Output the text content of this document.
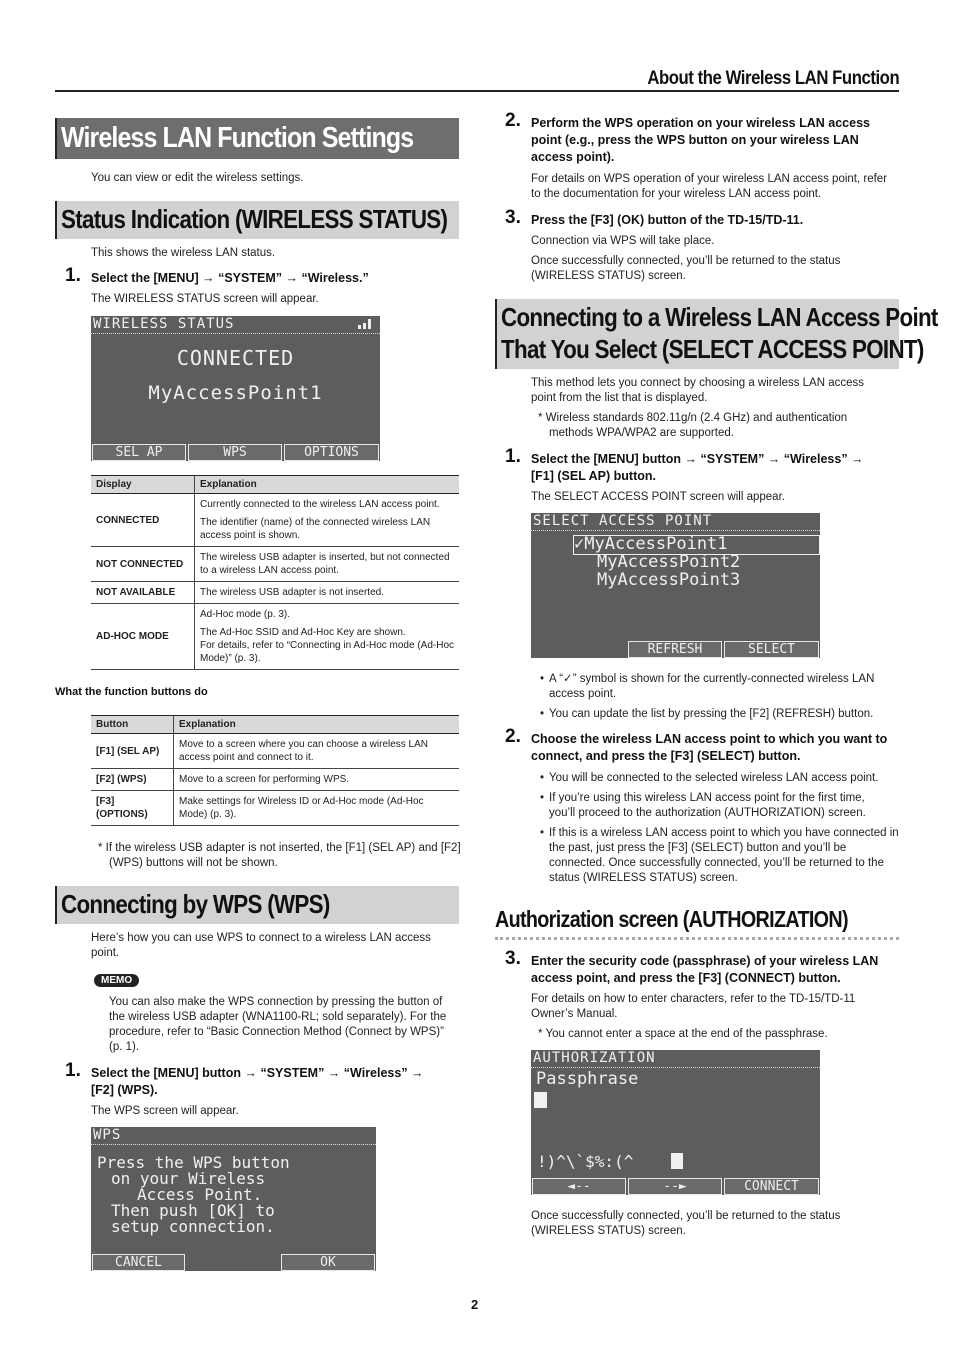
About the Wireless LAN Function
Wireless LAN Function Settings
You can view or edit the wireless settings.
Status Indication (WIRELESS STATUS)
This shows the wireless LAN status.
1. Select the [MENU] → “SYSTEM” → “Wireless.”
The WIRELESS STATUS screen will appear.
WIRELESS STATUS
CONNECTED
MyAccessPoint1
SEL AP	WPS	OPTIONS
Display	Explanation
CONNECTED	Currently connected to the wireless LAN access point.
The identifier (name) of the connected wireless LAN access point is shown.

NOT CONNECTED	The wireless USB adapter is inserted, but not connected to a wireless LAN access point.
NOT AVAILABLE	The wireless USB adapter is not inserted.
AD-HOC MODE	Ad-Hoc mode (p. 3).
The Ad-Hoc SSID and Ad-Hoc Key are shown.
For details, refer to “Connecting in Ad-Hoc mode (Ad-Hoc Mode)” (p. 3).
What the function buttons do
Button	Explanation
[F1] (SEL AP)	Move to a screen where you can choose a wireless LAN access point and connect to it.
[F2] (WPS)	Move to a screen for performing WPS.
[F3] (OPTIONS)	Make settings for Wireless ID or Ad-Hoc mode (Ad-Hoc Mode) (p. 3).
* If the wireless USB adapter is not inserted, the [F1] (SEL AP) and [F2] (WPS) buttons will not be shown.
Connecting by WPS (WPS)
Here’s how you can use WPS to connect to a wireless LAN access point.
MEMO
You can also make the WPS connection by pressing the button of the wireless USB adapter (WNA1100-RL; sold separately). For the procedure, refer to “Basic Connection Method (Connect by WPS)” (p. 1).
1. Select the [MENU] button → “SYSTEM” → “Wireless” → [F2] (WPS).
The WPS screen will appear.
WPS
Press the WPS button
on your Wireless
Access Point.
Then push [OK] to
setup connection.
CANCEL	OK
2. Perform the WPS operation on your wireless LAN access point (e.g., press the WPS button on your wireless LAN access point).
For details on WPS operation of your wireless LAN access point, refer to the documentation for your wireless LAN access point.
3. Press the [F3] (OK) button of the TD-15/TD-11.
Connection via WPS will take place.
Once successfully connected, you’ll be returned to the status (WIRELESS STATUS) screen.
Connecting to a Wireless LAN Access Point
That You Select (SELECT ACCESS POINT)
This method lets you connect by choosing a wireless LAN access point from the list that is displayed.
* Wireless standards 802.11g/n (2.4 GHz) and authentication methods WPA/WPA2 are supported.
1. Select the [MENU] button → “SYSTEM” → “Wireless” → [F1] (SEL AP) button.
The SELECT ACCESS POINT screen will appear.
SELECT ACCESS POINT
✓MyAccessPoint1
MyAccessPoint2
MyAccessPoint3
REFRESH	SELECT
• A “✓” symbol is shown for the currently-connected wireless LAN access point.
• You can update the list by pressing the [F2] (REFRESH) button.
2. Choose the wireless LAN access point to which you want to connect, and press the [F3] (SELECT) button.
• You will be connected to the selected wireless LAN access point.
• If you’re using this wireless LAN access point for the first time, you’ll proceed to the authorization (AUTHORIZATION) screen.
• If this is a wireless LAN access point to which you have connected in the past, just press the [F3] (SELECT) button and you’ll be connected. Once successfully connected, you’ll be returned to the status (WIRELESS STATUS) screen.
Authorization screen (AUTHORIZATION)
3. Enter the security code (passphrase) of your wireless LAN access point, and press the [F3] (CONNECT) button.
For details on how to enter characters, refer to the TD-15/TD-11 Owner’s Manual.
* You cannot enter a space at the end of the passphrase.
AUTHORIZATION
Passphrase
!)^\`$%:(^
◄--	--►	CONNECT
Once successfully connected, you’ll be returned to the status (WIRELESS STATUS) screen.
2
